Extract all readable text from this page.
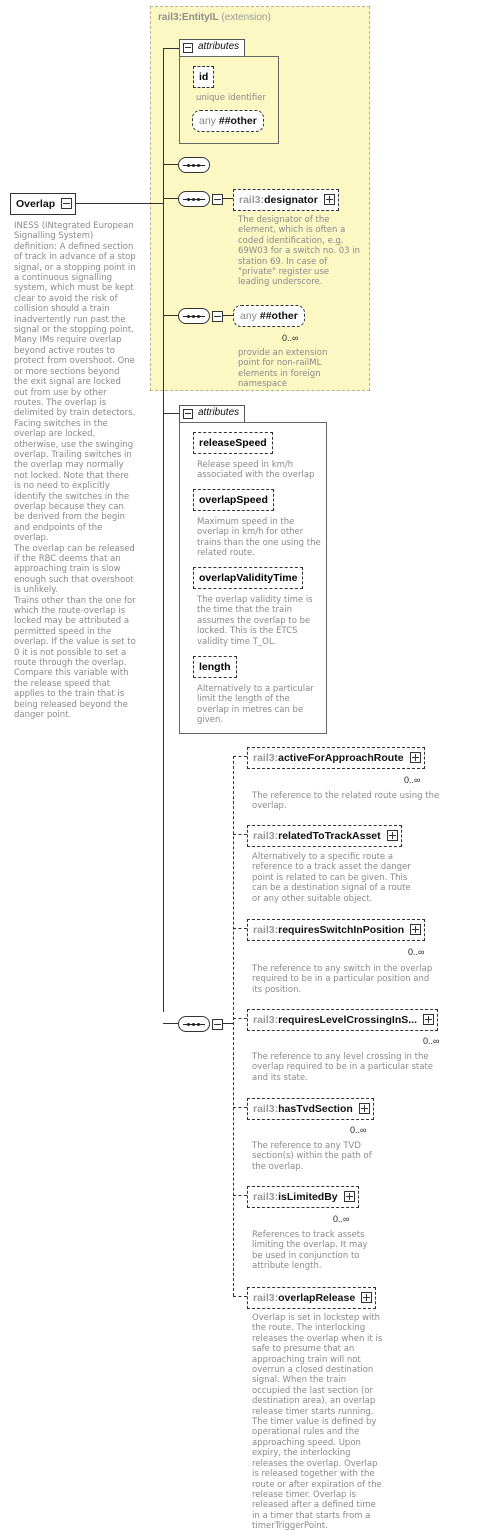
rail3:EntityIL (extension)
attributes
id
unique identifier
any ##other
rail3:designator
The designator of the element, which is often a coded identification, e.g. 69W03 for a switch no. 03 in station 69. In case of "private" register use leading underscore.
any ##other
0..∞
provide an extension point for non-railML elements in foreign namespace
Overlap
INESS (INtegrated European Signalling System) definition: A defined section of track in advance of a stop signal, or a stopping point in a continuous signalling system, which must be kept clear to avoid the risk of collision should a train inadvertently run past the signal or the stopping point. Many IMs require overlap beyond active routes to protect from overshoot. One or more sections beyond the exit signal are locked out from use by other routes. The overlap is delimited by train detectors. Facing switches in the overlap are locked, otherwise, use the swinging overlap. Trailing switches in the overlap may normally not locked. Note that there is no need to explicitly identify the switches in the overlap because they can be derived from the begin and endpoints of the overlap.
The overlap can be released if the RBC deems that an approaching train is slow enough such that overshoot is unlikely.
Trains other than the one for which the route-overlap is locked may be attributed a permitted speed in the overlap. If the value is set to 0 it is not possible to set a route through the overlap. Compare this variable with the release speed that applies to the train that is being released beyond the danger point.
attributes
releaseSpeed
Release speed in km/h associated with the overlap
overlapSpeed
Maximum speed in the overlap in km/h for other trains than the one using the related route.
overlapValidityTime
The overlap validity time is the time that the train assumes the overlap to be locked. This is the ETCS validity time T_OL.
length
Alternatively to a particular limit the length of the overlap in metres can be given.
rail3:activeForApproachRoute
0..∞
The reference to the related route using the overlap.
rail3:relatedToTrackAsset
Alternatively to a specific route a reference to a track asset the danger point is related to can be given. This can be a destination signal of a route or any other suitable object.
rail3:requiresSwitchInPosition
0..∞
The reference to any switch in the overlap required to be in a particular position and its position.
rail3:requiresLevelCrossingInS...
0..∞
The reference to any level crossing in the overlap required to be in a particular state and its state.
rail3:hasTvdSection
0..∞
The reference to any TVD section(s) within the path of the overlap.
rail3:isLimitedBy
0..∞
References to track assets limiting the overlap. It may be used in conjunction to attribute length.
rail3:overlapRelease
Overlap is set in lockstep with the route. The interlocking releases the overlap when it is safe to presume that an approaching train will not overrun a closed destination signal. When the train occupied the last section (or destination area), an overlap release timer starts running. The timer value is defined by operational rules and the approaching speed. Upon expiry, the interlocking releases the overlap. Overlap is released together with the route or after expiration of the release timer. Overlap is released after a defined time in a timer that starts from a timerTriggerPoint.
